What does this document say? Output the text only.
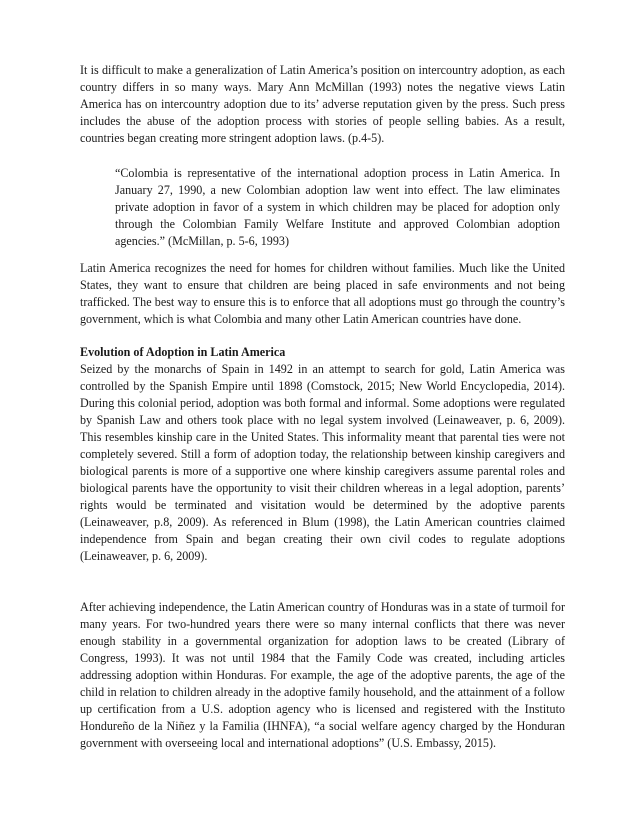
It is difficult to make a generalization of Latin America’s position on intercountry adoption, as each country differs in so many ways. Mary Ann McMillan (1993) notes the negative views Latin America has on intercountry adoption due to its’ adverse reputation given by the press. Such press includes the abuse of the adoption process with stories of people selling babies. As a result, countries began creating more stringent adoption laws. (p.4-5).

“Colombia is representative of the international adoption process in Latin America. In January 27, 1990, a new Colombian adoption law went into effect. The law eliminates private adoption in favor of a system in which children may be placed for adoption only through the Colombian Family Welfare Institute and approved Colombian adoption agencies.” (McMillan, p. 5-6, 1993)

Latin America recognizes the need for homes for children without families. Much like the United States, they want to ensure that children are being placed in safe environments and not being trafficked. The best way to ensure this is to enforce that all adoptions must go through the country’s government, which is what Colombia and many other Latin American countries have done.

Evolution of Adoption in Latin America

Seized by the monarchs of Spain in 1492 in an attempt to search for gold, Latin America was controlled by the Spanish Empire until 1898 (Comstock, 2015; New World Encyclopedia, 2014). During this colonial period, adoption was both formal and informal. Some adoptions were regulated by Spanish Law and others took place with no legal system involved (Leinaweaver, p. 6, 2009). This resembles kinship care in the United States. This informality meant that parental ties were not completely severed. Still a form of adoption today, the relationship between kinship caregivers and biological parents is more of a supportive one where kinship caregivers assume parental roles and biological parents have the opportunity to visit their children whereas in a legal adoption, parents’ rights would be terminated and visitation would be determined by the adoptive parents (Leinaweaver, p.8, 2009). As referenced in Blum (1998), the Latin American countries claimed independence from Spain and began creating their own civil codes to regulate adoptions (Leinaweaver, p. 6, 2009).

After achieving independence, the Latin American country of Honduras was in a state of turmoil for many years. For two-hundred years there were so many internal conflicts that there was never enough stability in a governmental organization for adoption laws to be created (Library of Congress, 1993). It was not until 1984 that the Family Code was created, including articles addressing adoption within Honduras. For example, the age of the adoptive parents, the age of the child in relation to children already in the adoptive family household, and the attainment of a follow up certification from a U.S. adoption agency who is licensed and registered with the Instituto Hondureño de la Niñez y la Familia (IHNFA), “a social welfare agency charged by the Honduran government with overseeing local and international adoptions” (U.S. Embassy, 2015).
